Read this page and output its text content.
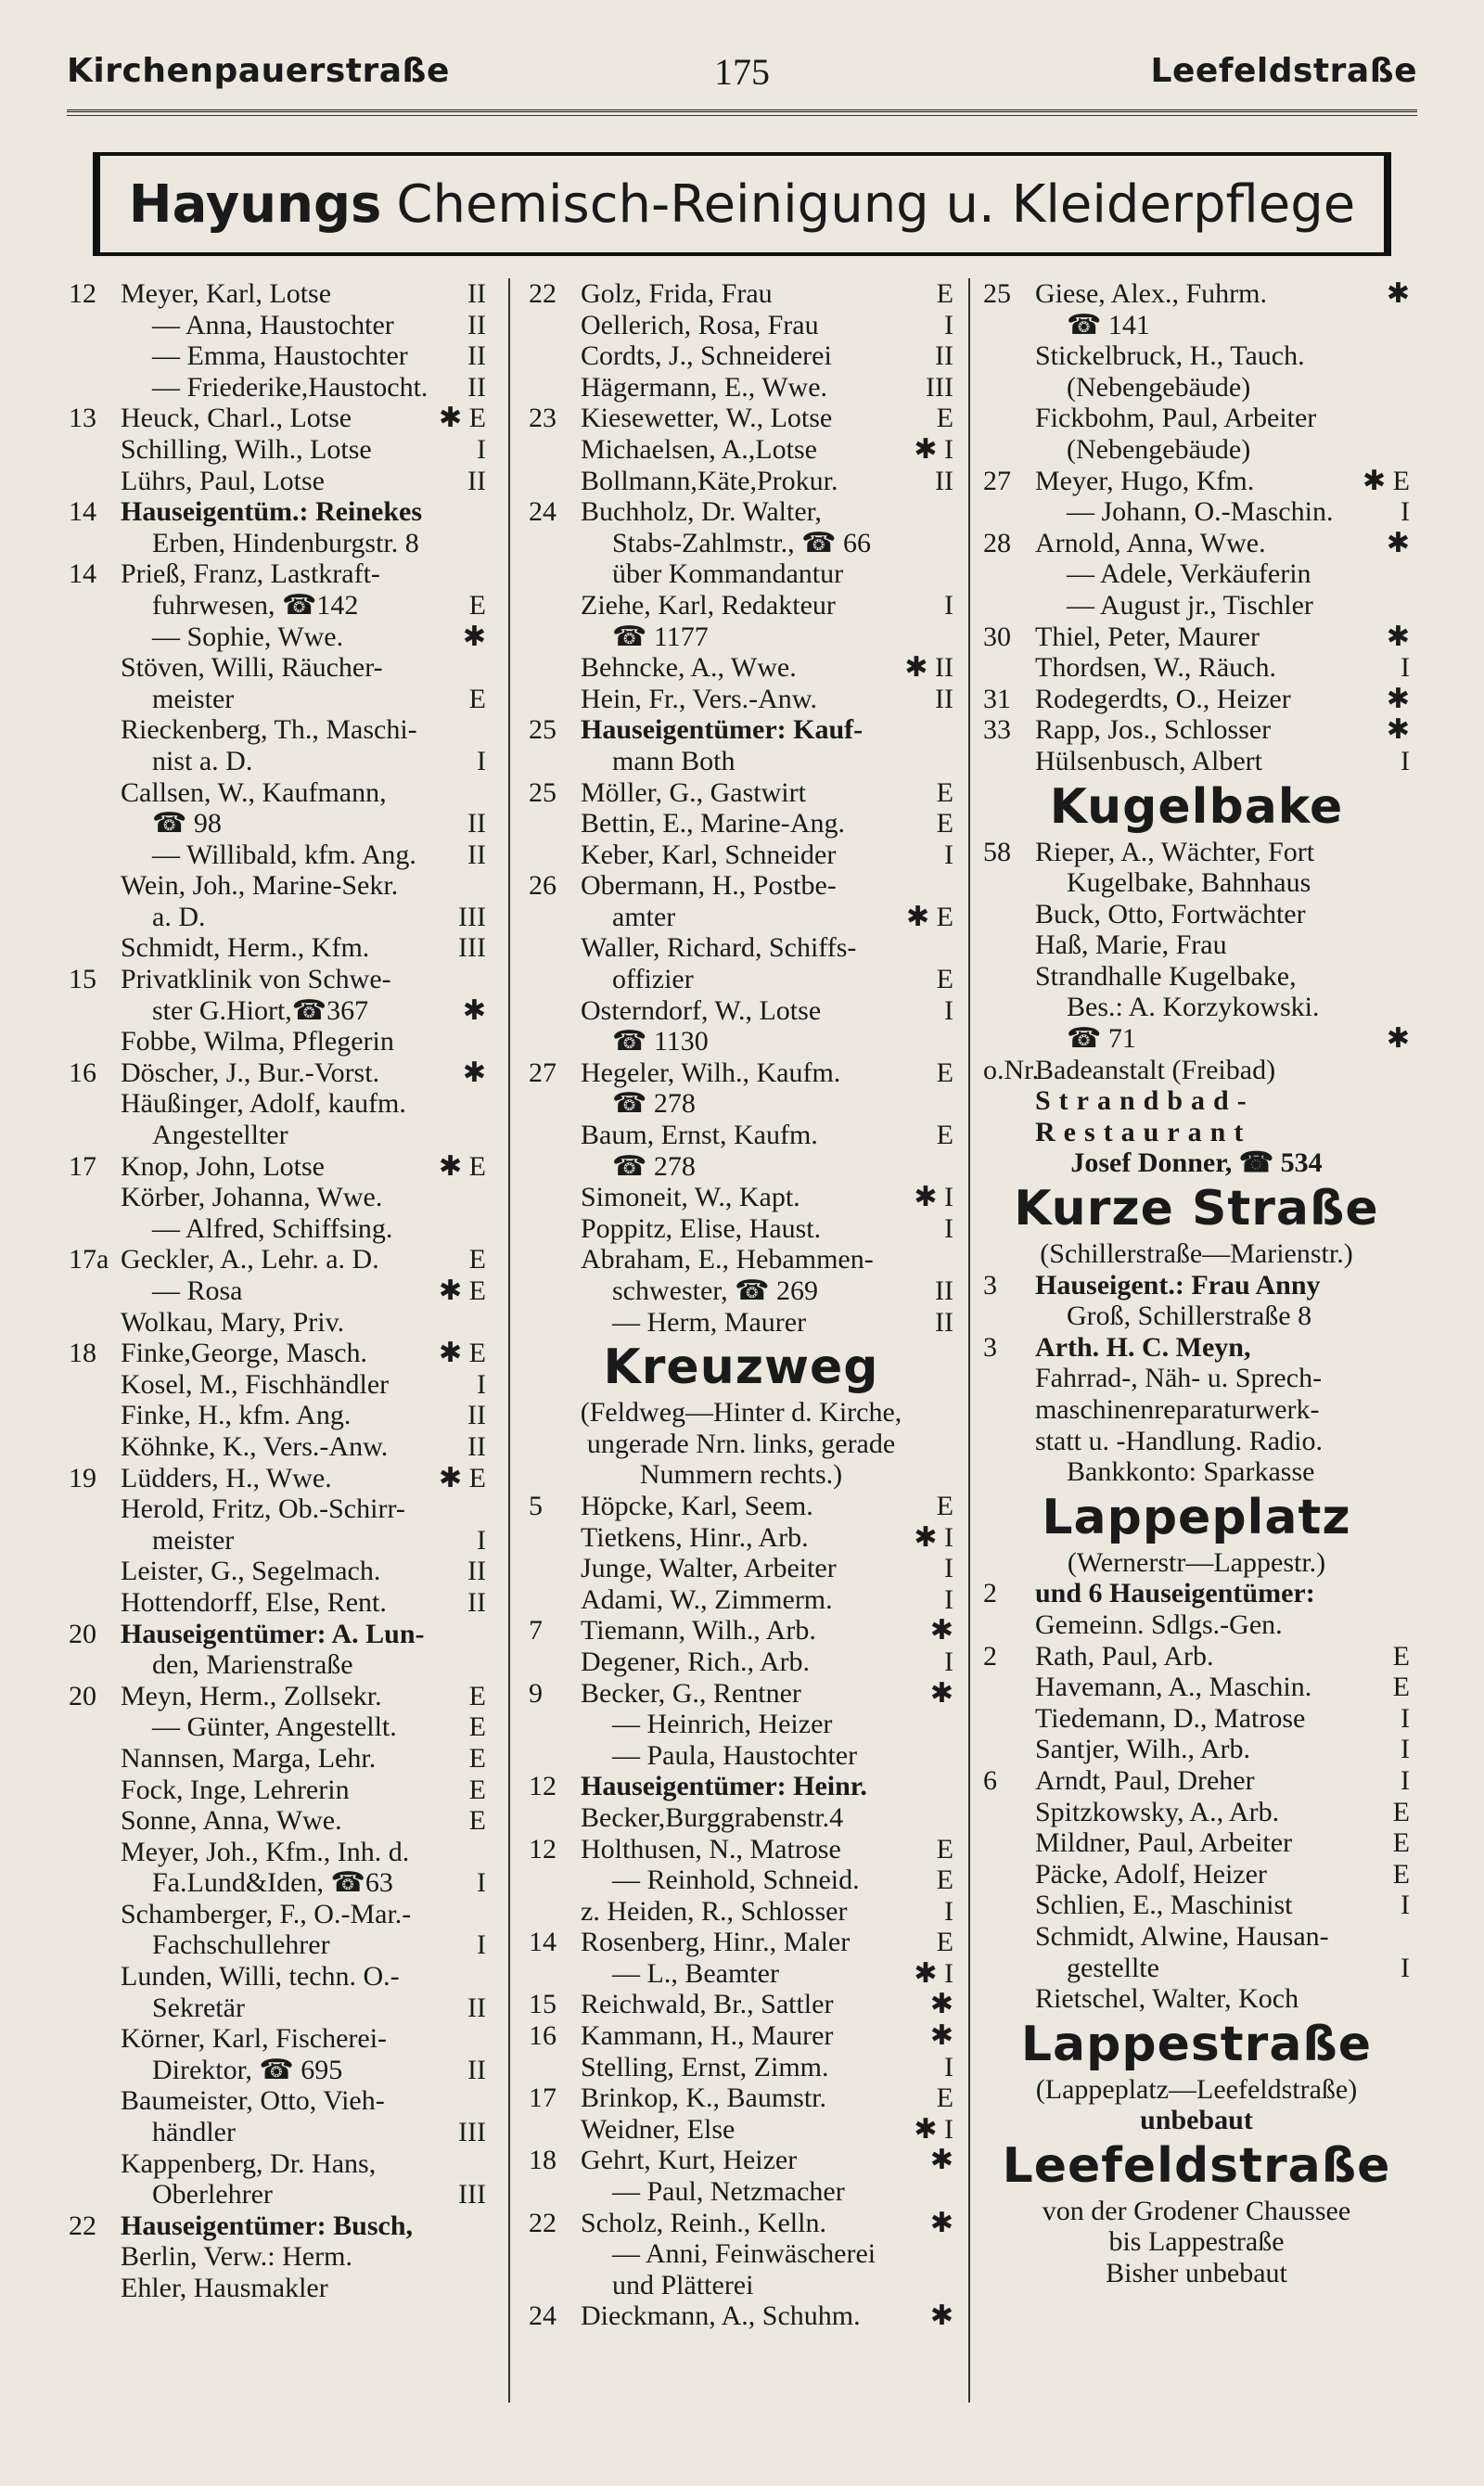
Kirchenpauerstraße	175	Leefeldstraße
Hayungs Chemisch-Reinigung u. Kleiderpflege
12 Meyer, Karl, Lotse	II
— Anna, Haustochter	II
— Emma, Haustochter II
— Friederike,Haustocht. II
13 Heuck, Charl., Lotse	✱ E
Schilling, Wilh., Lotse	I
Lührs, Paul, Lotse	II
14 Hauseigentüm.: Reinekes
Erben, Hindenburgstr. 8
14 Prieß, Franz, Lastkraft-
fuhrwesen, ☎142	E
— Sophie, Wwe.	✱
Stöven, Willi, Räucher-
meister	E
Rieckenberg, Th., Maschi-
nist a. D.	I
Callsen, W., Kaufmann,
☎ 98	II
— Willibald, kfm. Ang. II
Wein, Joh., Marine-Sekr.
a. D.	III
Schmidt, Herm., Kfm.	III
15 Privatklinik von Schwe-
ster G.Hiort,☎367	✱
Fobbe, Wilma, Pflegerin
16 Döscher, J., Bur.-Vorst.	✱
Häußinger, Adolf, kaufm.
Angestellter
17 Knop, John, Lotse	✱ E
Körber, Johanna, Wwe.
— Alfred, Schiffsing.
17a Geckler, A., Lehr. a. D.	E
— Rosa	✱ E
Wolkau, Mary, Priv.
18 Finke,George, Masch.	✱ E
Kosel, M., Fischhändler	I
Finke, H., kfm. Ang.	II
Köhnke, K., Vers.-Anw.	II
19 Lüdders, H., Wwe.	✱ E
Herold, Fritz, Ob.-Schirr-
meister	I
Leister, G., Segelmach.	II
Hottendorff, Else, Rent.	II
20 Hauseigentümer: A. Lun-
den, Marienstraße
20 Meyn, Herm., Zollsekr.	E
— Günter, Angestellt.	E
Nannsen, Marga, Lehr.	E
Fock, Inge, Lehrerin	E
Sonne, Anna, Wwe.	E
Meyer, Joh., Kfm., Inh. d.
Fa.Lund&Iden, ☎63	I
Schamberger, F., O.-Mar.-
Fachschullehrer	I
Lunden, Willi, techn. O.-
Sekretär	II
Körner, Karl, Fischerei-
Direktor, ☎ 695	II
Baumeister, Otto, Vieh-
händler	III
Kappenberg, Dr. Hans,
Oberlehrer	III
22 Hauseigentümer: Busch,
Berlin, Verw.: Herm.
Ehler, Hausmakler
22 Golz, Frida, Frau	E
Oellerich, Rosa, Frau	I
Cordts, J., Schneiderei	II
Hägermann, E., Wwe.	III
23 Kiesewetter, W., Lotse	E
Michaelsen, A.,Lotse	✱ I
Bollmann,Käte,Prokur.	II
24 Buchholz, Dr. Walter,
Stabs-Zahlmstr., ☎ 66
über Kommandantur
Ziehe, Karl, Redakteur	I
☎ 1177
Behncke, A., Wwe.	✱ II
Hein, Fr., Vers.-Anw.	II
25 Hauseigentümer: Kauf-
mann Both
25 Möller, G., Gastwirt	E
Bettin, E., Marine-Ang.	E
Keber, Karl, Schneider	I
26 Obermann, H., Postbe-
amter	✱ E
Waller, Richard, Schiffs-
offizier	E
Osterndorf, W., Lotse	I
☎ 1130
27 Hegeler, Wilh., Kaufm.	E
☎ 278
Baum, Ernst, Kaufm.	E
☎ 278
Simoneit, W., Kapt.	✱ I
Poppitz, Elise, Haust.	I
Abraham, E., Hebammen-
schwester, ☎ 269	II
— Herm, Maurer	II
Kreuzweg
(Feldweg—Hinter d. Kirche,
ungerade Nrn. links, gerade
Nummern rechts.)
5 Höpcke, Karl, Seem.	E
Tietkens, Hinr., Arb.	✱ I
Junge, Walter, Arbeiter	I
Adami, W., Zimmerm.	I
7 Tiemann, Wilh., Arb.	✱
Degener, Rich., Arb.	I
9 Becker, G., Rentner	✱
— Heinrich, Heizer
— Paula, Haustochter
12 Hauseigentümer: Heinr.
Becker,Burggrabenstr.4
12 Holthusen, N., Matrose	E
— Reinhold, Schneid.	E
z. Heiden, R., Schlosser	I
14 Rosenberg, Hinr., Maler	E
— L., Beamter	✱ I
15 Reichwald, Br., Sattler	✱
16 Kammann, H., Maurer	✱
Stelling, Ernst, Zimm.	I
17 Brinkop, K., Baumstr.	E
Weidner, Else	✱ I
18 Gehrt, Kurt, Heizer	✱
— Paul, Netzmacher
22 Scholz, Reinh., Kelln.	✱
— Anni, Feinwäscherei
und Plätterei
24 Dieckmann, A., Schuhm.	✱
25 Giese, Alex., Fuhrm.	✱
☎ 141
Stickelbruck, H., Tauch.
(Nebengebäude)
Fickbohm, Paul, Arbeiter
(Nebengebäude)
27 Meyer, Hugo, Kfm.	✱ E
— Johann, O.-Maschin. I
28 Arnold, Anna, Wwe.	✱
— Adele, Verkäuferin
— August jr., Tischler
30 Thiel, Peter, Maurer	✱
Thordsen, W., Räuch.	I
31 Rodegerdts, O., Heizer	✱
33 Rapp, Jos., Schlosser	✱
Hülsenbusch, Albert	I
Kugelbake
58 Rieper, A., Wächter, Fort
Kugelbake, Bahnhaus
Buck, Otto, Fortwächter
Haß, Marie, Frau
Strandhalle Kugelbake,
Bes.: A. Korzykowski.
☎ 71	✱
o.Nr.
Badeanstalt (Freibad)
Strandbad-
Restaurant
Josef Donner, ☎ 534
Kurze Straße
(Schillerstraße—Marienstr.)
3 Hauseigent.: Frau Anny
Groß, Schillerstraße 8
3 Arth. H. C. Meyn,
Fahrrad-, Näh- u. Sprech-
maschinenreparaturwerk-
statt u. -Handlung. Radio.
Bankkonto: Sparkasse
Lappeplatz
(Wernerstr—Lappestr.)
2 und 6 Hauseigentümer:
Gemeinn. Sdlgs.-Gen.
2 Rath, Paul, Arb.	E
Havemann, A., Maschin.	E
Tiedemann, D., Matrose	I
Santjer, Wilh., Arb.	I
6 Arndt, Paul, Dreher	I
Spitzkowsky, A., Arb.	E
Mildner, Paul, Arbeiter	E
Päcke, Adolf, Heizer	E
Schlien, E., Maschinist	I
Schmidt, Alwine, Hausan-
gestellte	I
Rietschel, Walter, Koch
Lappestraße
(Lappeplatz—Leefeldstraße)
unbebaut
Leefeldstraße
von der Grodener Chaussee
bis Lappestraße
Bisher unbebaut
